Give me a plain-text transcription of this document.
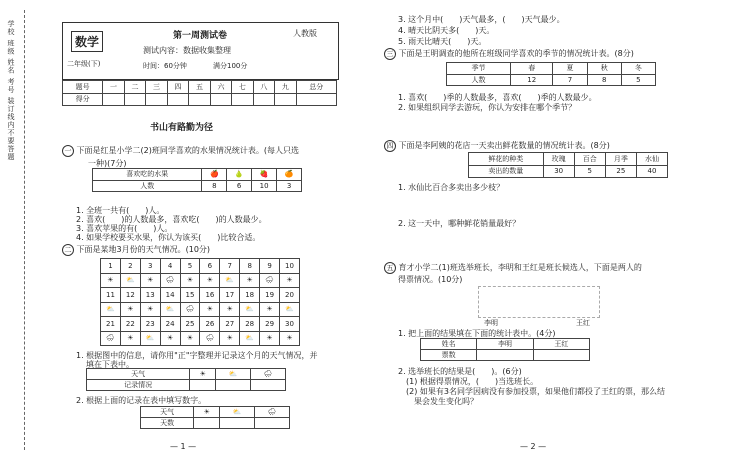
学校 班级 姓名 考号 装订线内不要答题	数学
二年级(下)
第一周测试卷	人教版
测试内容：数据收集整理
时间：60分钟	满分100分
题号	一	二	三	四	五	六	七	八	九	总分
得分										
书山有路勤为径
一 下面是红星小学二(2)班同学喜欢的水果情况统计表。(每人只选
一种)(7分)
喜欢吃的水果	🍎	🍐	🍓	🍊
人数	8	6	10	3
1. 全班一共有(　　)人。
2. 喜欢(　　)的人数最多，喜欢吃(　　)的人数最少。
3. 喜欢苹果的有(　　)人。
4. 如果学校要买水果，你认为该买(　　)比较合适。
二 下面是某地3月份的天气情况。(10分)
1	2	3	4	5	6	7	8	9	10
☀	⛅	☀	🌧	☀	☀	⛅	☀	🌧	☀
11	12	13	14	15	16	17	18	19	20
⛅	☀	☀	⛅	🌧	☀	☀	⛅	☀	⛅
21	22	23	24	25	26	27	28	29	30
🌧	☀	⛅	☀	☀	🌧	☀	⛅	☀	☀
1. 根据图中的信息，请你用"正"字整理并记录这个月的天气情况，并
填在下表中。
天气	☀	⛅	🌧
记录情况			
2. 根据上面的记录在表中填写数字。
天气	☀	⛅	🌧
天数			
— 1 —
3. 这个月中(　　)天气最多，(　　)天气最少。
4. 晴天比阴天多(　　)天。
5. 雨天比晴天(　　)天。
三 下面是王明调查的他所在班级同学喜欢的季节的情况统计表。(8分)
季节	春	夏	秋	冬
人数	12	7	8	5
1. 喜欢(　　)季的人数最多，喜欢(　　)季的人数最少。
2. 如果组织同学去游玩，你认为安排在哪个季节？
四 下面是李阿姨的花店一天卖出鲜花数量的情况统计表。(8分)
鲜花的种类	玫瑰	百合	月季	水仙
卖出的数量	30	5	25	40
1. 水仙比百合多卖出多少枝？
2. 这一天中，哪种鲜花销量最好？
五 育才小学二(1)班选举班长，李明和王红是班长候选人，下面是两人的
得票情况。(10分)
李明	王红
1. 把上面的结果填在下面的统计表中。(4分)
姓名	李明	王红
票数		
2. 选举班长的结果是(　　)。(6分)
(1) 根据得票情况，(　　)当选班长。
(2) 如果有3名同学因病没有参加投票，如果他们都投了王红的票，那么结
果会发生变化吗？
— 2 —
